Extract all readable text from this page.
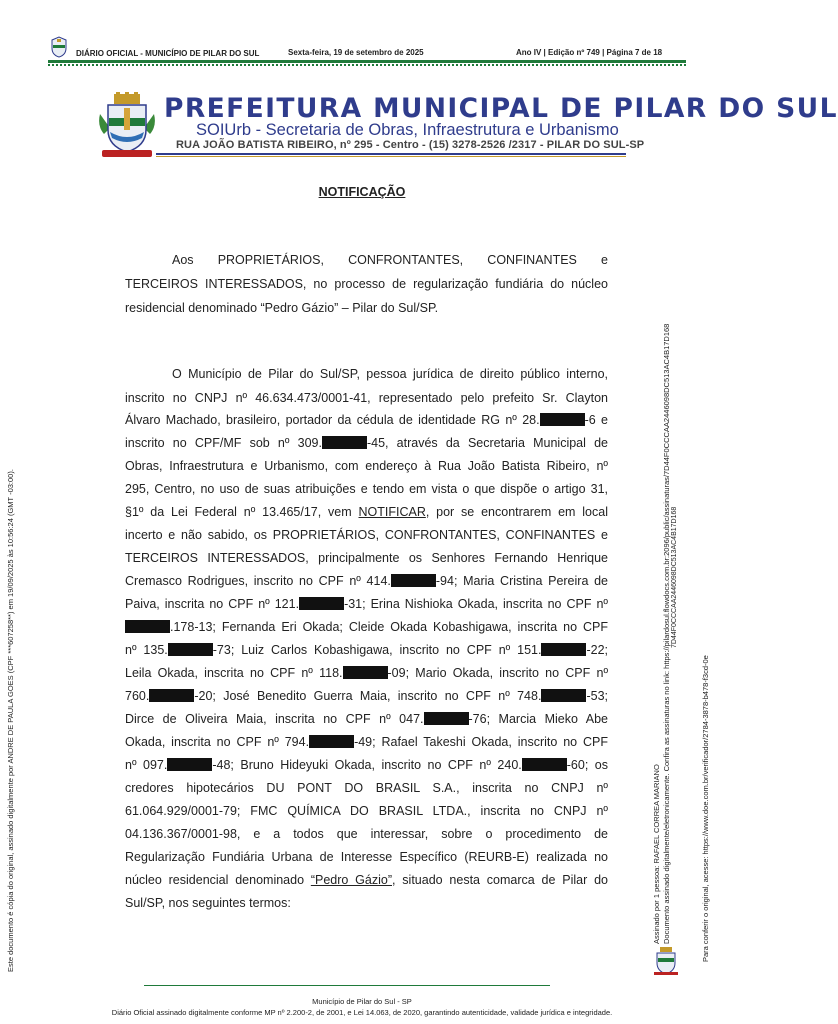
DIÁRIO OFICIAL - MUNICÍPIO DE PILAR DO SUL	Sexta-feira, 19 de setembro de 2025	Ano IV | Edição nº 749 | Página 7 de 18
PREFEITURA MUNICIPAL DE PILAR DO SUL
SOIUrb - Secretaria de Obras, Infraestrutura e Urbanismo
RUA JOÃO BATISTA RIBEIRO, nº 295 - Centro - (15) 3278-2526 /2317 - PILAR DO SUL-SP
NOTIFICAÇÃO
Aos PROPRIETÁRIOS, CONFRONTANTES, CONFINANTES e
TERCEIROS INTERESSADOS, no processo de regularização fundiária do núcleo
residencial denominado “Pedro Gázio” – Pilar do Sul/SP.
O Município de Pilar do Sul/SP, pessoa jurídica de direito público interno,
inscrito no CNPJ nº 46.634.473/0001-41, representado pelo prefeito Sr. Clayton
Álvaro Machado, brasileiro, portador da cédula de identidade RG nº 28.	-6 e
inscrito no CPF/MF sob nº 309.	-45, através da Secretaria Municipal de
Obras, Infraestrutura e Urbanismo, com endereço à Rua João Batista Ribeiro, nº
295, Centro, no uso de suas atribuições e tendo em vista o que dispõe o artigo 31,
§1º da Lei Federal nº 13.465/17, vem NOTIFICAR, por se encontrarem em local
incerto e não sabido, os PROPRIETÁRIOS, CONFRONTANTES, CONFINANTES e
TERCEIROS INTERESSADOS, principalmente os Senhores Fernando Henrique
Cremasco Rodrigues, inscrito no CPF nº 414.	-94; Maria Cristina Pereira de
Paiva, inscrita no CPF nº 121.	-31; Erina Nishioka Okada, inscrita no CPF nº
.178-13; Fernanda Eri Okada; Cleide Okada Kobashigawa, inscrita no CPF
nº 135.	-73; Luiz Carlos Kobashigawa, inscrito no CPF nº 151.	-22;
Leila Okada, inscrita no CPF nº 118.	-09; Mario Okada, inscrito no CPF nº
760.	-20; José Benedito Guerra Maia, inscrito no CPF nº 748.	-53;
Dirce de Oliveira Maia, inscrita no CPF nº 047.	-76; Marcia Mieko Abe
Okada, inscrita no CPF nº 794.	-49; Rafael Takeshi Okada, inscrito no CPF
nº 097.	-48; Bruno Hideyuki Okada, inscrito no CPF nº 240.	-60; os
credores hipotecários DU PONT DO BRASIL S.A., inscrita no CNPJ nº
61.064.929/0001-79; FMC QUÍMICA DO BRASIL LTDA., inscrita no CNPJ nº
04.136.367/0001-98, e a todos que interessar, sobre o procedimento de
Regularização Fundiária Urbana de Interesse Específico (REURB-E) realizada no
núcleo residencial denominado “Pedro Gázio”, situado nesta comarca de Pilar do
Sul/SP, nos seguintes termos:
Este documento é cópia do original, assinado digitalmente por ANDRE DE PAULA GOES (CPF ***607258**) em 19/09/2025 às 10:56:24 (GMT -03:00).	7D44F0CCCAA2446098DC513AC4B17D168
Assinado por 1 pessoa: RAFAEL CORREA MARIANO Documento assinado digitalmente/eletronicamente. Confira as assinaturas no link: https://pilardosul.flowdocs.com.br:2096/public/assinaturas/7D44F0CCCAA2446098DC513AC4B17D168	Para conferir o original, acesse: https://www.doe.com.br/verificador/2784-3878-b478-f3cd-0e
Município de Pilar do Sul - SP
Diário Oficial assinado digitalmente conforme MP nº 2.200-2, de 2001, e Lei 14.063, de 2020, garantindo autenticidade, validade jurídica e integridade.
